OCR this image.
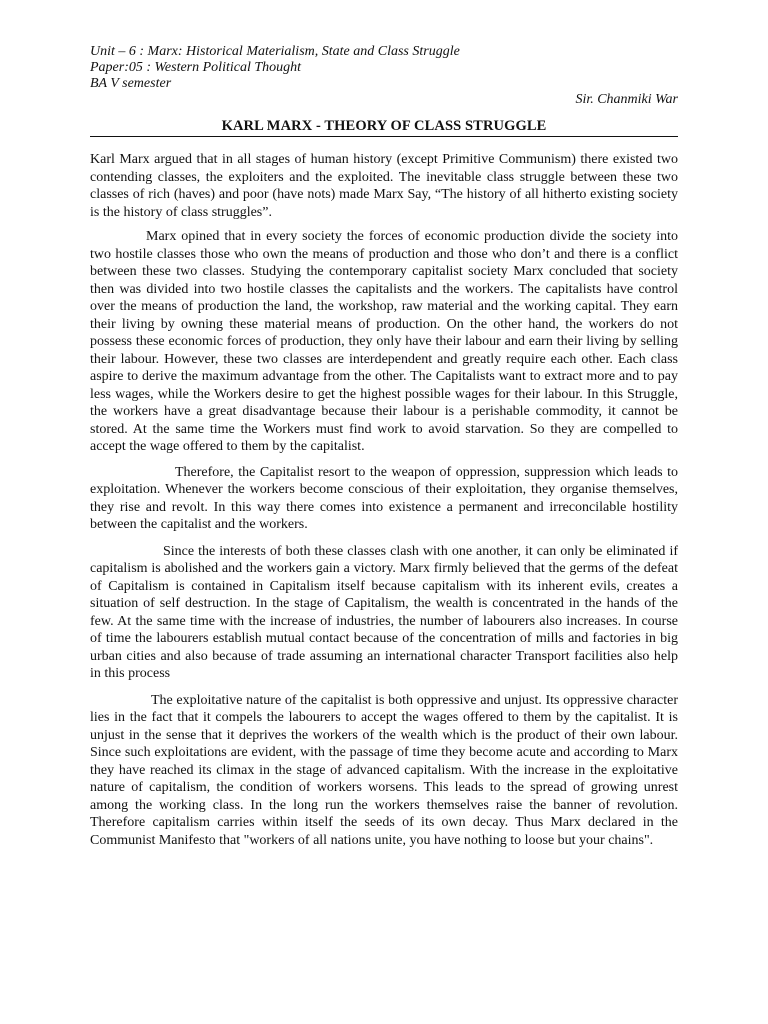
Unit – 6 : Marx: Historical Materialism, State and Class Struggle

Paper:05 : Western Political Thought

BA V semester

Sir. Chanmiki War

KARL MARX - THEORY OF CLASS STRUGGLE

Karl Marx argued that in all stages of human history (except Primitive Communism) there existed two contending classes, the exploiters and the exploited. The inevitable class struggle between these two classes of rich (haves) and poor (have nots) made Marx Say, “The history of all hitherto existing society is the history of class struggles”.

Marx opined that in every society the forces of economic production divide the society into two hostile classes those who own the means of production and those who don’t and there is a conflict between these two classes. Studying the contemporary capitalist society Marx concluded that society then was divided into two hostile classes the capitalists and the workers. The capitalists have control over the means of production the land, the workshop, raw material and the working capital. They earn their living by owning these material means of production. On the other hand, the workers do not possess these economic forces of production, they only have their labour and earn their living by selling their labour. However, these two classes are interdependent and greatly require each other. Each class aspire to derive the maximum advantage from the other. The Capitalists want to extract more and to pay less wages, while the Workers desire to get the highest possible wages for their labour. In this Struggle, the workers have a great disadvantage because their labour is a perishable commodity, it cannot be stored. At the same time the Workers must find work to avoid starvation. So they are compelled to accept the wage offered to them by the capitalist.

Therefore, the Capitalist resort to the weapon of oppression, suppression which leads to exploitation. Whenever the workers become conscious of their exploitation, they organise themselves, they rise and revolt. In this way there comes into existence a permanent and irreconcilable hostility between the capitalist and the workers.

Since the interests of both these classes clash with one another, it can only be eliminated if capitalism is abolished and the workers gain a victory. Marx firmly believed that the germs of the defeat of Capitalism is contained in Capitalism itself because capitalism with its inherent evils, creates a situation of self destruction. In the stage of Capitalism, the wealth is concentrated in the hands of the few. At the same time with the increase of industries, the number of labourers also increases. In course of time the labourers establish mutual contact because of the concentration of mills and factories in big urban cities and also because of trade assuming an international character Transport facilities also help in this process

The exploitative nature of the capitalist is both oppressive and unjust. Its oppressive character lies in the fact that it compels the labourers to accept the wages offered to them by the capitalist. It is unjust in the sense that it deprives the workers of the wealth which is the product of their own labour. Since such exploitations are evident, with the passage of time they become acute and according to Marx they have reached its climax in the stage of advanced capitalism. With the increase in the exploitative nature of capitalism, the condition of workers worsens. This leads to the spread of growing unrest among the working class. In the long run the workers themselves raise the banner of revolution. Therefore capitalism carries within itself the seeds of its own decay. Thus Marx declared in the Communist Manifesto that "workers of all nations unite, you have nothing to loose but your chains".
